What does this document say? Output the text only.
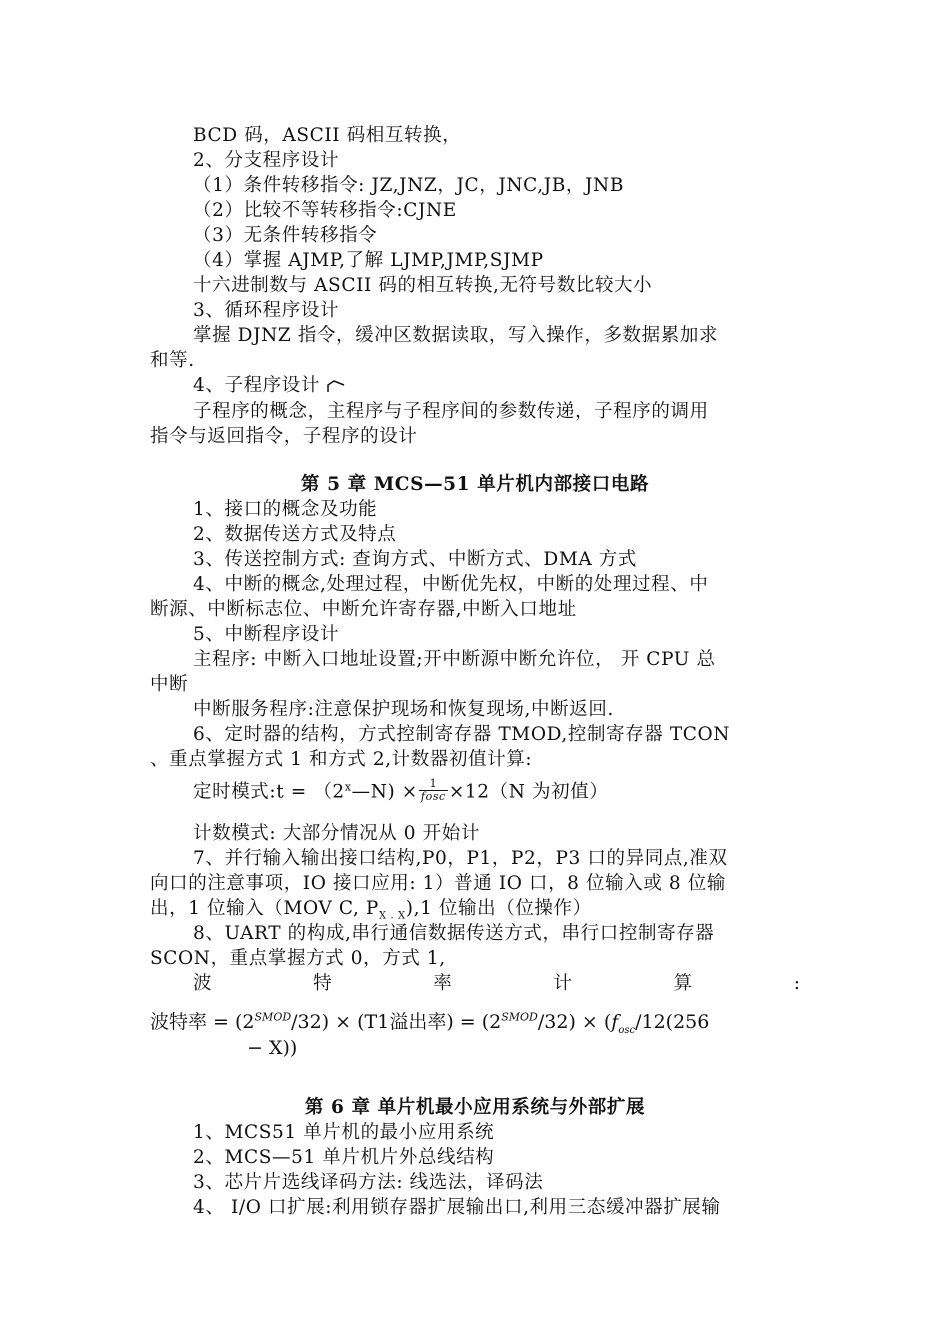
BCD 码，ASCII 码相互转换，
2、分支程序设计
（1）条件转移指令: JZ,JNZ，JC，JNC,JB，JNB
（2）比较不等转移指令:CJNE
（3）无条件转移指令
（4）掌握 AJMP,了解 LJMP,JMP,SJMP
十六进制数与 ASCII 码的相互转换,无符号数比较大小
3、循环程序设计
掌握 DJNZ 指令，缓冲区数据读取，写入操作，多数据累加求
和等.
4、子程序设计
子程序的概念，主程序与子程序间的参数传递，子程序的调用
指令与返回指令，子程序的设计
第 5 章 MCS—51 单片机内部接口电路
1、接口的概念及功能
2、数据传送方式及特点
3、传送控制方式: 查询方式、中断方式、DMA 方式
4、中断的概念,处理过程，中断优先权，中断的处理过程、中
断源、中断标志位、中断允许寄存器,中断入口地址
5、中断程序设计
主程序: 中断入口地址设置;开中断源中断允许位， 开 CPU 总
中断
中断服务程序:注意保护现场和恢复现场,中断返回.
6、定时器的结构，方式控制寄存器 TMOD,控制寄存器 TCON
、重点掌握方式 1 和方式 2,计数器初值计算:
定时模式:t = $(2^x—N) \times \frac{1}{\text{fosc}} \times 12(N$ 为初值）
计数模式: 大部分情况从 0 开始计
7、并行输入输出接口结构,P0，P1，P2，P3 口的异同点,准双
向口的注意事项，IO 接口应用: 1）普通 IO 口，8 位输入或 8 位输
出，1 位输入（MOV C, $P_{X . X}),1$ 位输出（位操作）
8、UART 的构成,串行通信数据传送方式，串行口控制寄存器
SCON，重点掌握方式 0，方式 1,
波	特	率	计	算	:
波特率 = $(2^{SMOD}/32) \times (T1$溢出率) = $(2^{SMOD}/32) \times (f_{osc}/12(256$
− X))
第 6 章 单片机最小应用系统与外部扩展
1、MCS51 单片机的最小应用系统
2、MCS—51 单片机片外总线结构
3、芯片片选线译码方法: 线选法，译码法
4、 I/O 口扩展:利用锁存器扩展输出口,利用三态缓冲器扩展输
